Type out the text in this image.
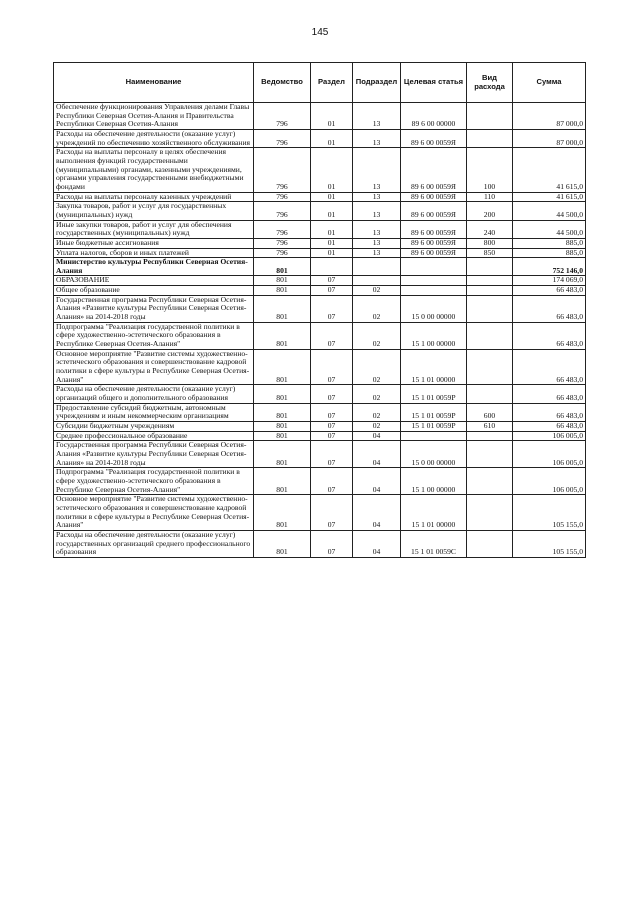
145
Наименование	Ведомство	Раздел	Подраздел	Целевая статья	Вид расхода	Сумма
Обеспечение функционирования Управления делами Главы Республики Северная Осетия-Алания и Правительства Республики Северная Осетия-Алания	796	01	13	89 6 00 00000		87 000,0
Расходы на обеспечение деятельности (оказание услуг) учреждений по обеспечению хозяйственного обслуживания	796	01	13	89 6 00 0059Я		87 000,0
Расходы на выплаты персоналу в целях обеспечения выполнения функций государственными (муниципальными) органами, казенными учреждениями, органами управления государственными внебюджетными фондами	796	01	13	89 6 00 0059Я	100	41 615,0
Расходы на выплаты персоналу казенных учреждений	796	01	13	89 6 00 0059Я	110	41 615,0
Закупка товаров, работ и услуг для государственных (муниципальных) нужд	796	01	13	89 6 00 0059Я	200	44 500,0
Иные закупки товаров, работ и услуг для обеспечения государственных (муниципальных) нужд	796	01	13	89 6 00 0059Я	240	44 500,0
Иные бюджетные ассигнования	796	01	13	89 6 00 0059Я	800	885,0
Уплата налогов, сборов и иных платежей	796	01	13	89 6 00 0059Я	850	885,0
Министерство культуры Республики Северная Осетия-Алания	801					752 146,0
ОБРАЗОВАНИЕ	801	07				174 069,0
Общее образование	801	07	02			66 483,0
Государственная программа Республики Северная Осетия-Алания «Развитие культуры Республики Северная Осетия-Алания» на 2014-2018 годы	801	07	02	15 0 00 00000		66 483,0
Подпрограмма "Реализация государственной политики в сфере художественно-эстетического образования в Республике Северная Осетия-Алания"	801	07	02	15 1 00 00000		66 483,0
Основное мероприятие "Развитие системы художественно-эстетического образования и совершенствование кадровой политики в сфере культуры в Республике Северная Осетия-Алания"	801	07	02	15 1 01 00000		66 483,0
Расходы на обеспечение деятельности (оказание услуг) организаций общего и дополнительного образования	801	07	02	15 1 01 0059Р		66 483,0
Предоставление субсидий бюджетным, автономным учреждениям и иным некоммерческим организациям	801	07	02	15 1 01 0059Р	600	66 483,0
Субсидии бюджетным учреждениям	801	07	02	15 1 01 0059Р	610	66 483,0
Среднее профессиональное образование	801	07	04			106 005,0
Государственная программа Республики Северная Осетия-Алания «Развитие культуры Республики Северная Осетия-Алания» на 2014-2018 годы	801	07	04	15 0 00 00000		106 005,0
Подпрограмма "Реализация государственной политики в сфере художественно-эстетического образования в Республике Северная Осетия-Алания"	801	07	04	15 1 00 00000		106 005,0
Основное мероприятие "Развитие системы художественно-эстетического образования и совершенствование кадровой политики в сфере культуры в Республике Северная Осетия-Алания"	801	07	04	15 1 01 00000		105 155,0
Расходы на обеспечение деятельности (оказание услуг) государственных организаций среднего профессионального образования	801	07	04	15 1 01 0059С		105 155,0
